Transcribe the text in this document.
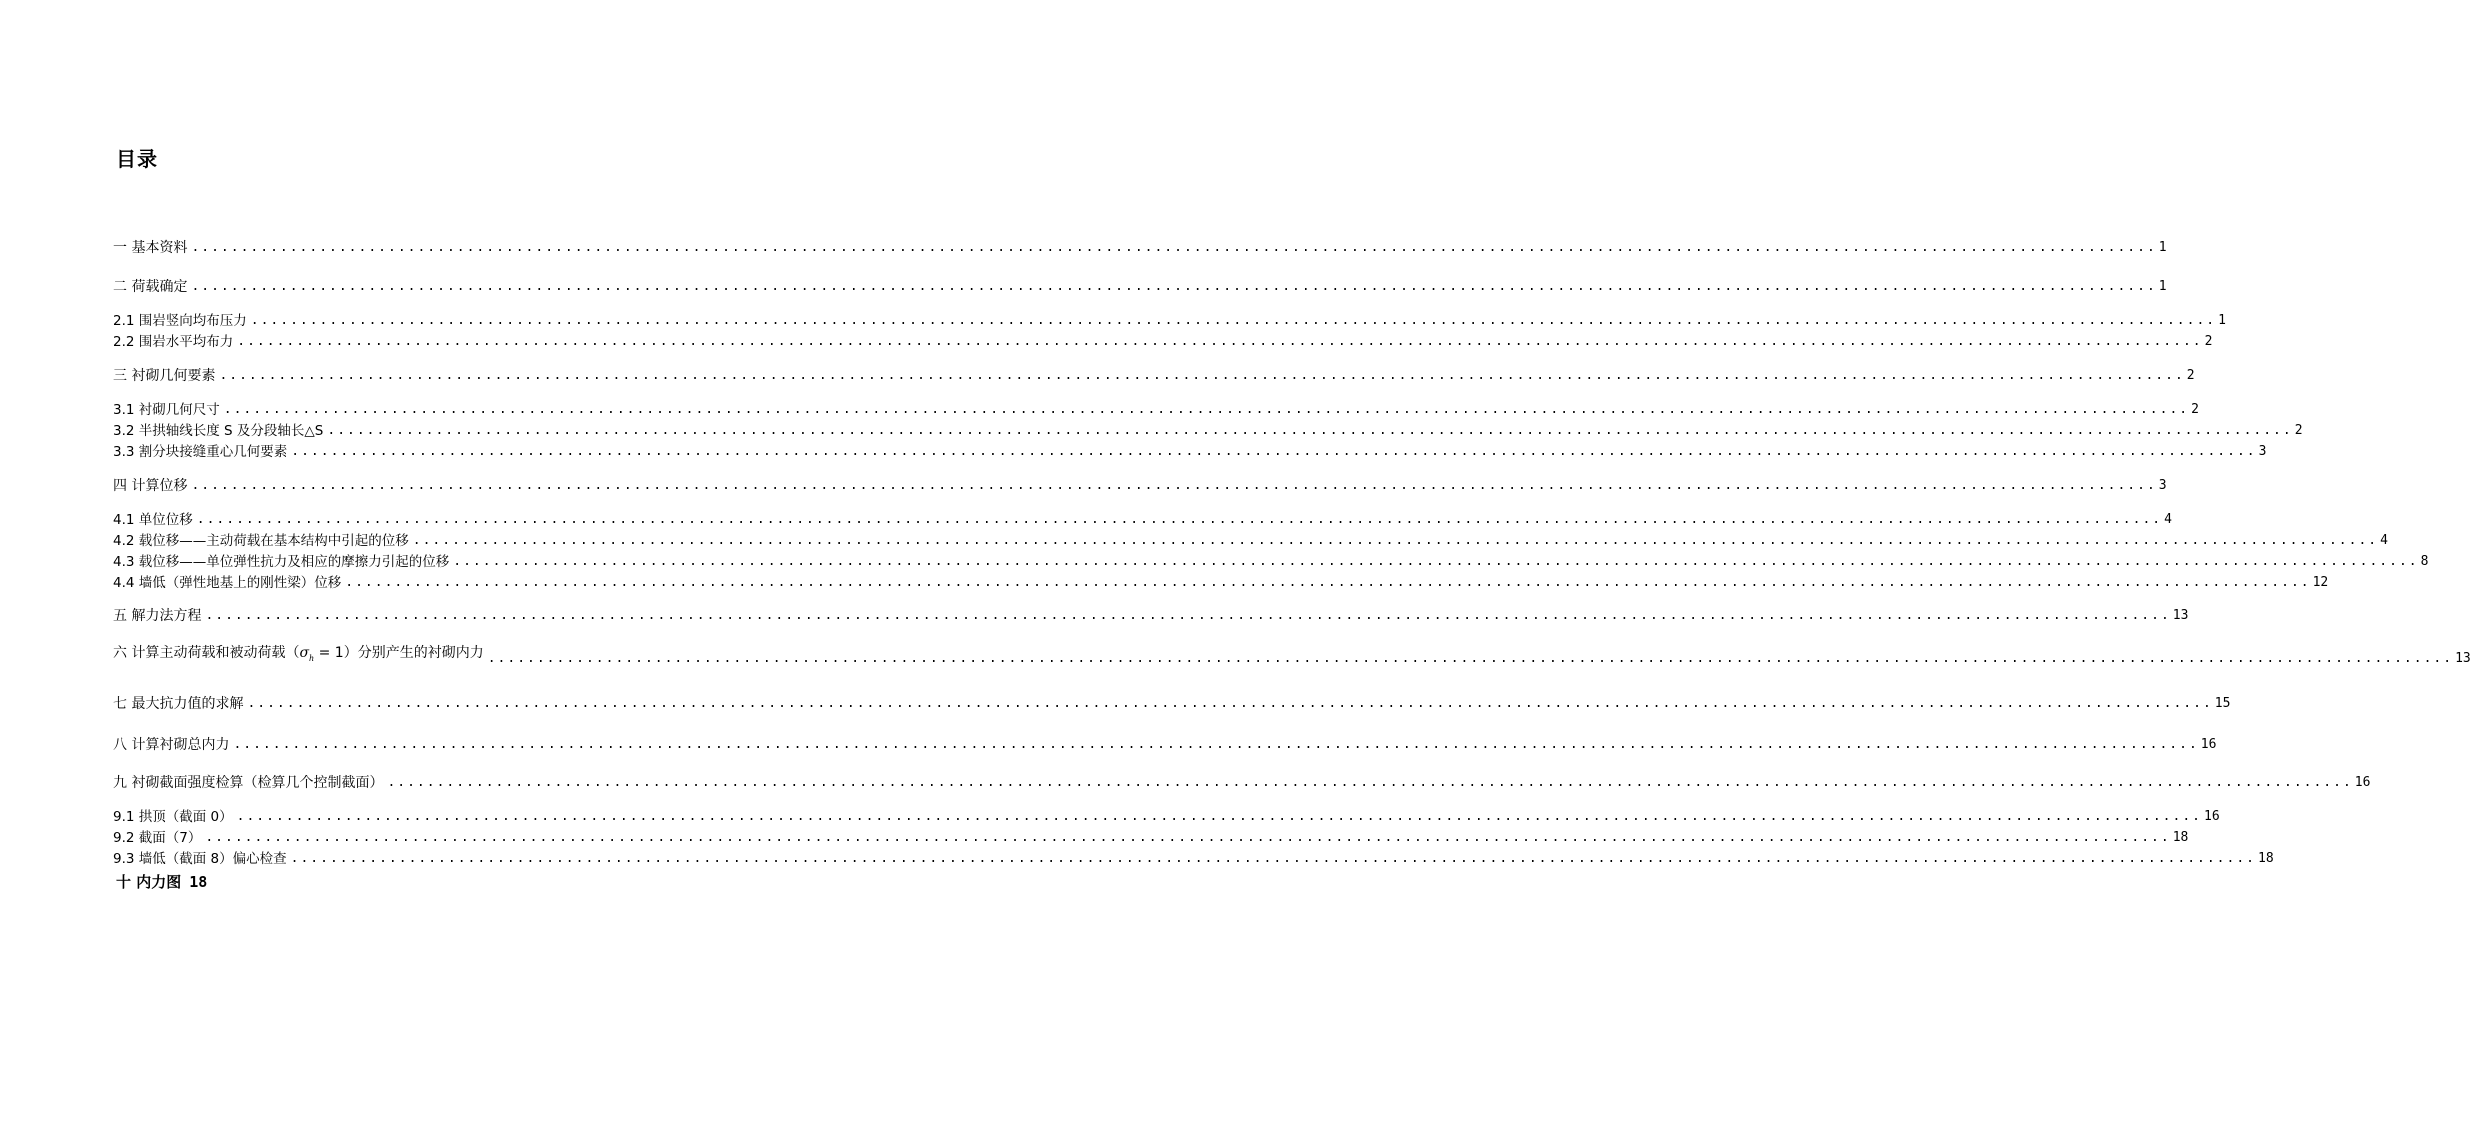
目录
一 基本资料 ........................................................................................................................................................................................................ 1
二 荷载确定 ........................................................................................................................................................................................................ 1
2.1 围岩竖向均布压力 ........................................................................................................................................................................................................ 1
2.2 围岩水平均布力 ........................................................................................................................................................................................................ 2
三 衬砌几何要素 ........................................................................................................................................................................................................ 2
3.1 衬砌几何尺寸 ........................................................................................................................................................................................................ 2
3.2 半拱轴线长度 S 及分段轴长△S ........................................................................................................................................................................................................ 2
3.3 割分块接缝重心几何要素 ........................................................................................................................................................................................................ 3
四 计算位移 ........................................................................................................................................................................................................ 3
4.1 单位位移 ........................................................................................................................................................................................................ 4
4.2 载位移——主动荷载在基本结构中引起的位移 ........................................................................................................................................................................................................ 4
4.3 载位移——单位弹性抗力及相应的摩擦力引起的位移 ........................................................................................................................................................................................................ 8
4.4 墙低（弹性地基上的刚性梁）位移 ........................................................................................................................................................................................................ 12
五 解力法方程 ........................................................................................................................................................................................................ 13
六 计算主动荷载和被动荷载$(\sigma_h = 1)$分别产生的衬砌内力 ........................................................................................................................................................................................................ 13
七 最大抗力值的求解 ........................................................................................................................................................................................................ 15
八 计算衬砌总内力 ........................................................................................................................................................................................................ 16
九 衬砌截面强度检算（检算几个控制截面） ........................................................................................................................................................................................................ 16
9.1 拱顶（截面 0） ........................................................................................................................................................................................................ 16
9.2 截面（7） ........................................................................................................................................................................................................ 18
9.3 墙低（截面 8）偏心检查 ........................................................................................................................................................................................................ 18
十 内力图 18
